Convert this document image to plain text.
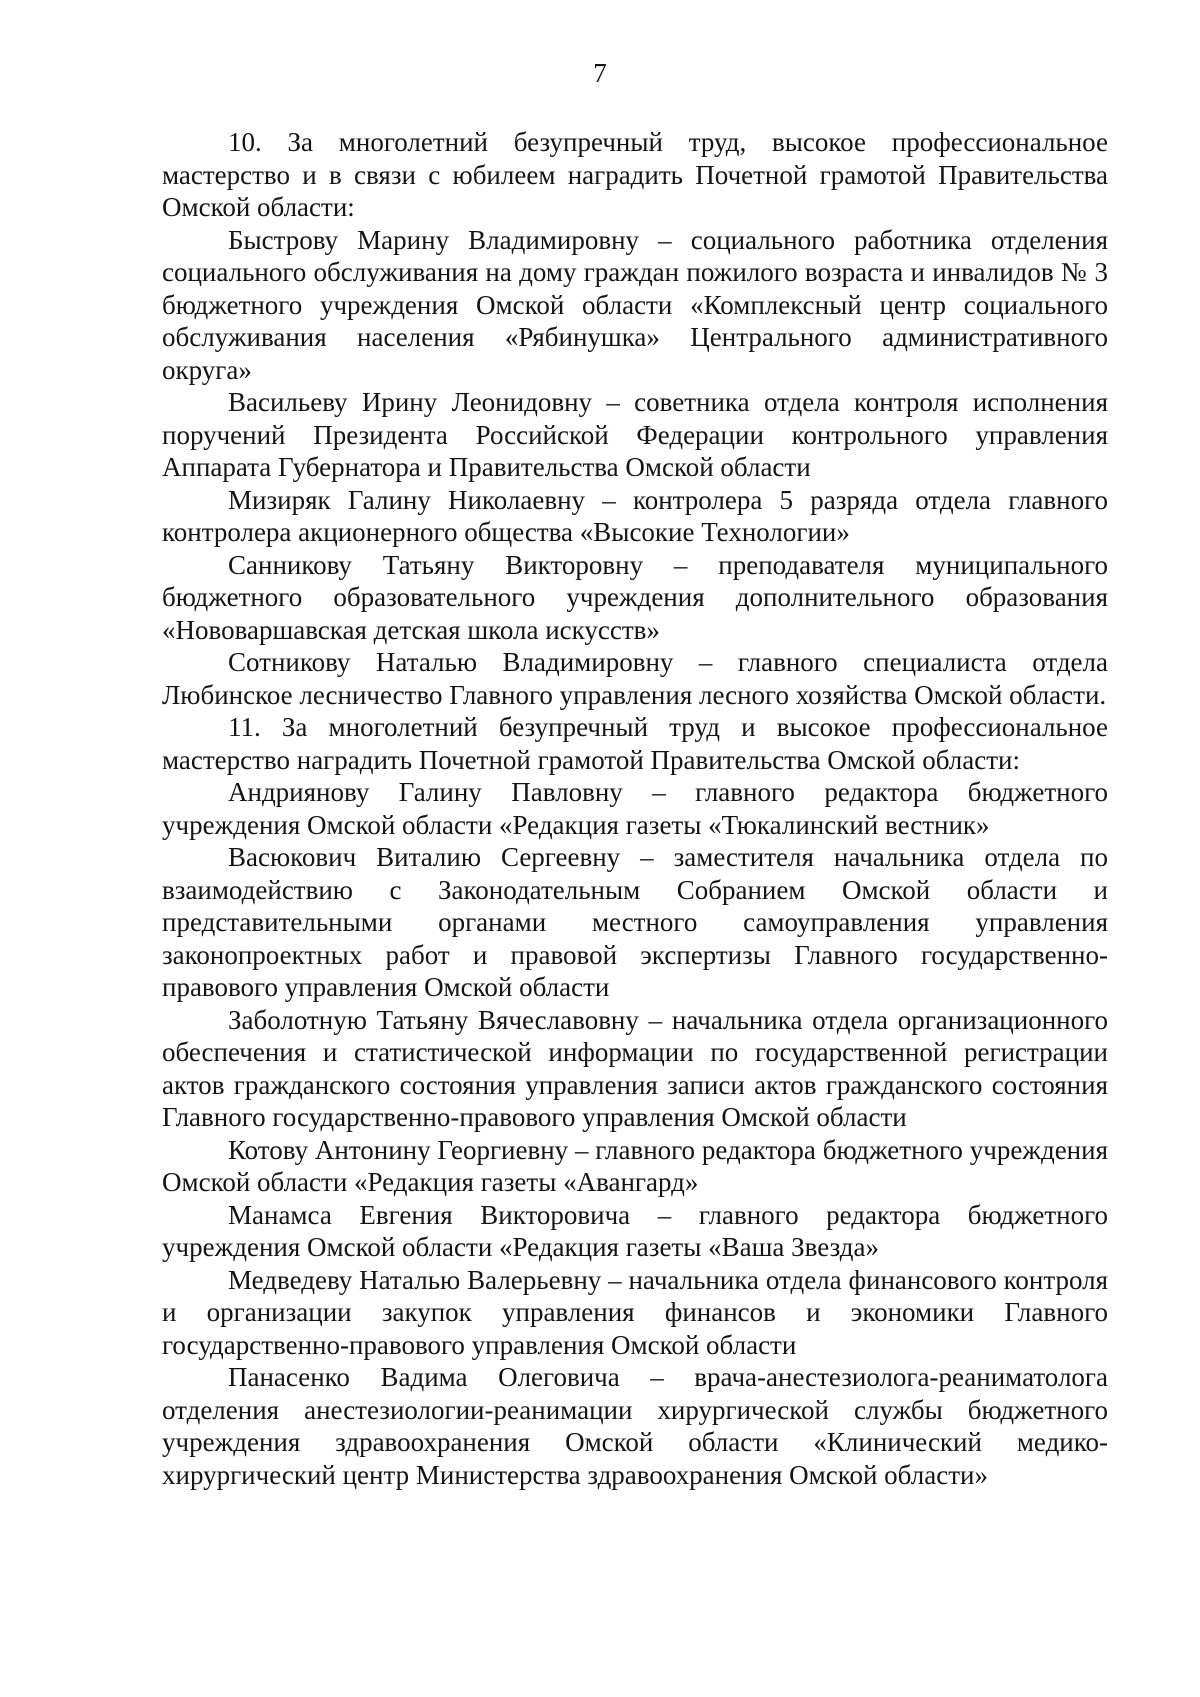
7

10. За многолетний безупречный труд, высокое профессиональное мастерство и в связи с юбилеем наградить Почетной грамотой Правительства Омской области:

Быстрову Марину Владимировну – социального работника отделения социального обслуживания на дому граждан пожилого возраста и инвалидов № 3 бюджетного учреждения Омской области «Комплексный центр социального обслуживания населения «Рябинушка» Центрального административного округа»

Васильеву Ирину Леонидовну – советника отдела контроля исполнения поручений Президента Российской Федерации контрольного управления Аппарата Губернатора и Правительства Омской области

Мизиряк Галину Николаевну – контролера 5 разряда отдела главного контролера акционерного общества «Высокие Технологии»

Санникову Татьяну Викторовну – преподавателя муниципального бюджетного образовательного учреждения дополнительного образования «Нововаршавская детская школа искусств»

Сотникову Наталью Владимировну – главного специалиста отдела Любинское лесничество Главного управления лесного хозяйства Омской области.

11. За многолетний безупречный труд и высокое профессиональное мастерство наградить Почетной грамотой Правительства Омской области:

Андриянову Галину Павловну – главного редактора бюджетного учреждения Омской области «Редакция газеты «Тюкалинский вестник»

Васюкович Виталию Сергеевну – заместителя начальника отдела по взаимодействию с Законодательным Собранием Омской области и представительными органами местного самоуправления управления законопроектных работ и правовой экспертизы Главного государственно-правового управления Омской области

Заболотную Татьяну Вячеславовну – начальника отдела организационного обеспечения и статистической информации по государственной регистрации актов гражданского состояния управления записи актов гражданского состояния Главного государственно-правового управления Омской области

Котову Антонину Георгиевну – главного редактора бюджетного учреждения Омской области «Редакция газеты «Авангард»

Манамса Евгения Викторовича – главного редактора бюджетного учреждения Омской области «Редакция газеты «Ваша Звезда»

Медведеву Наталью Валерьевну – начальника отдела финансового контроля и организации закупок управления финансов и экономики Главного государственно-правового управления Омской области

Панасенко Вадима Олеговича – врача-анестезиолога-реаниматолога отделения анестезиологии-реанимации хирургической службы бюджетного учреждения здравоохранения Омской области «Клинический медико-хирургический центр Министерства здравоохранения Омской области»
